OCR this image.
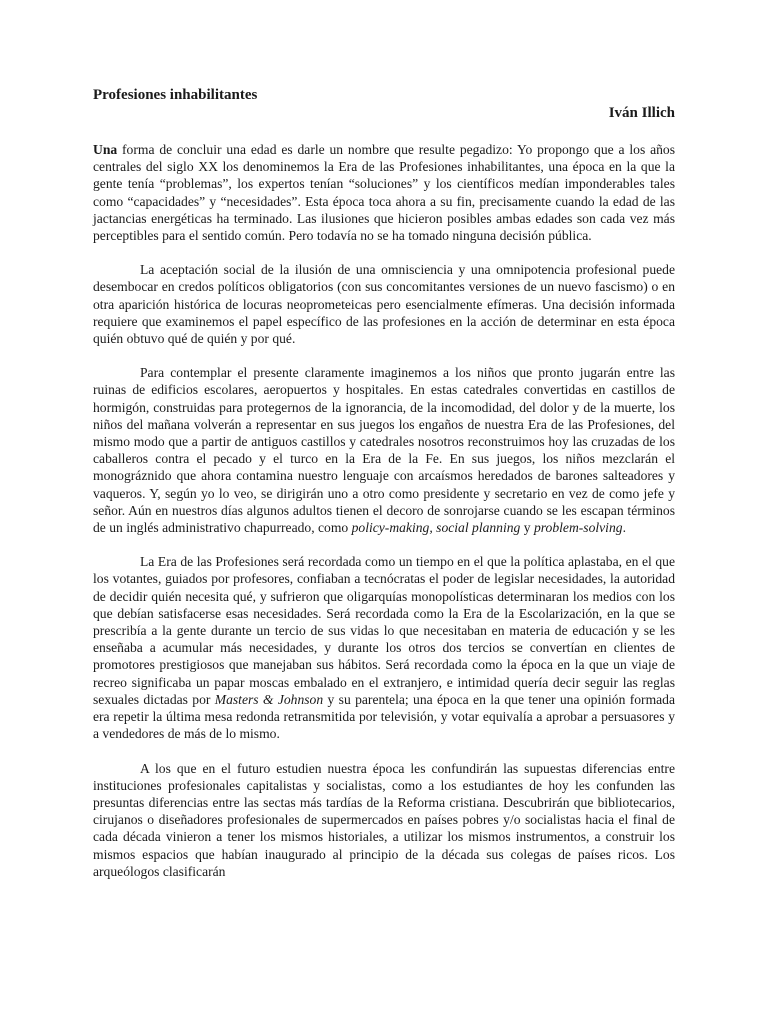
Profesiones inhabilitantes
Iván Illich

Una forma de concluir una edad es darle un nombre que resulte pegadizo: Yo propongo que a los años centrales del siglo XX los denominemos la Era de las Profesiones inhabilitantes, una época en la que la gente tenía “problemas”, los expertos tenían “soluciones” y los científicos medían imponderables tales como “capacidades” y “necesidades”. Esta época toca ahora a su fin, precisamente cuando la edad de las jactancias energéticas ha terminado. Las ilusiones que hicieron posibles ambas edades son cada vez más perceptibles para el sentido común. Pero todavía no se ha tomado ninguna decisión pública.

La aceptación social de la ilusión de una omnisciencia y una omnipotencia profesional puede desembocar en credos políticos obligatorios (con sus concomitantes versiones de un nuevo fascismo) o en otra aparición histórica de locuras neoprometeicas pero esencialmente efímeras. Una decisión informada requiere que examinemos el papel específico de las profesiones en la acción de determinar en esta época quién obtuvo qué de quién y por qué.

Para contemplar el presente claramente imaginemos a los niños que pronto jugarán entre las ruinas de edificios escolares, aeropuertos y hospitales. En estas catedrales convertidas en castillos de hormigón, construidas para protegernos de la ignorancia, de la incomodidad, del dolor y de la muerte, los niños del mañana volverán a representar en sus juegos los engaños de nuestra Era de las Profesiones, del mismo modo que a partir de antiguos castillos y catedrales nosotros reconstruimos hoy las cruzadas de los caballeros contra el pecado y el turco en la Era de la Fe. En sus juegos, los niños mezclarán el monográznido que ahora contamina nuestro lenguaje con arcaísmos heredados de barones salteadores y vaqueros. Y, según yo lo veo, se dirigirán uno a otro como presidente y secretario en vez de como jefe y señor. Aún en nuestros días algunos adultos tienen el decoro de sonrojarse cuando se les escapan términos de un inglés administrativo chapurreado, como policy-making, social planning y problem-solving.

La Era de las Profesiones será recordada como un tiempo en el que la política aplastaba, en el que los votantes, guiados por profesores, confiaban a tecnócratas el poder de legislar necesidades, la autoridad de decidir quién necesita qué, y sufrieron que oligarquías monopolísticas determinaran los medios con los que debían satisfacerse esas necesidades. Será recordada como la Era de la Escolarización, en la que se prescribía a la gente durante un tercio de sus vidas lo que necesitaban en materia de educación y se les enseñaba a acumular más necesidades, y durante los otros dos tercios se convertían en clientes de promotores prestigiosos que manejaban sus hábitos. Será recordada como la época en la que un viaje de recreo significaba un papar moscas embalado en el extranjero, e intimidad quería decir seguir las reglas sexuales dictadas por Masters & Johnson y su parentela; una época en la que tener una opinión formada era repetir la última mesa redonda retransmitida por televisión, y votar equivalía a aprobar a persuasores y a vendedores de más de lo mismo.

A los que en el futuro estudien nuestra época les confundirán las supuestas diferencias entre instituciones profesionales capitalistas y socialistas, como a los estudiantes de hoy les confunden las presuntas diferencias entre las sectas más tardías de la Reforma cristiana. Descubrirán que bibliotecarios, cirujanos o diseñadores profesionales de supermercados en países pobres y/o socialistas hacia el final de cada década vinieron a tener los mismos historiales, a utilizar los mismos instrumentos, a construir los mismos espacios que habían inaugurado al principio de la década sus colegas de países ricos. Los arqueólogos clasificarán
